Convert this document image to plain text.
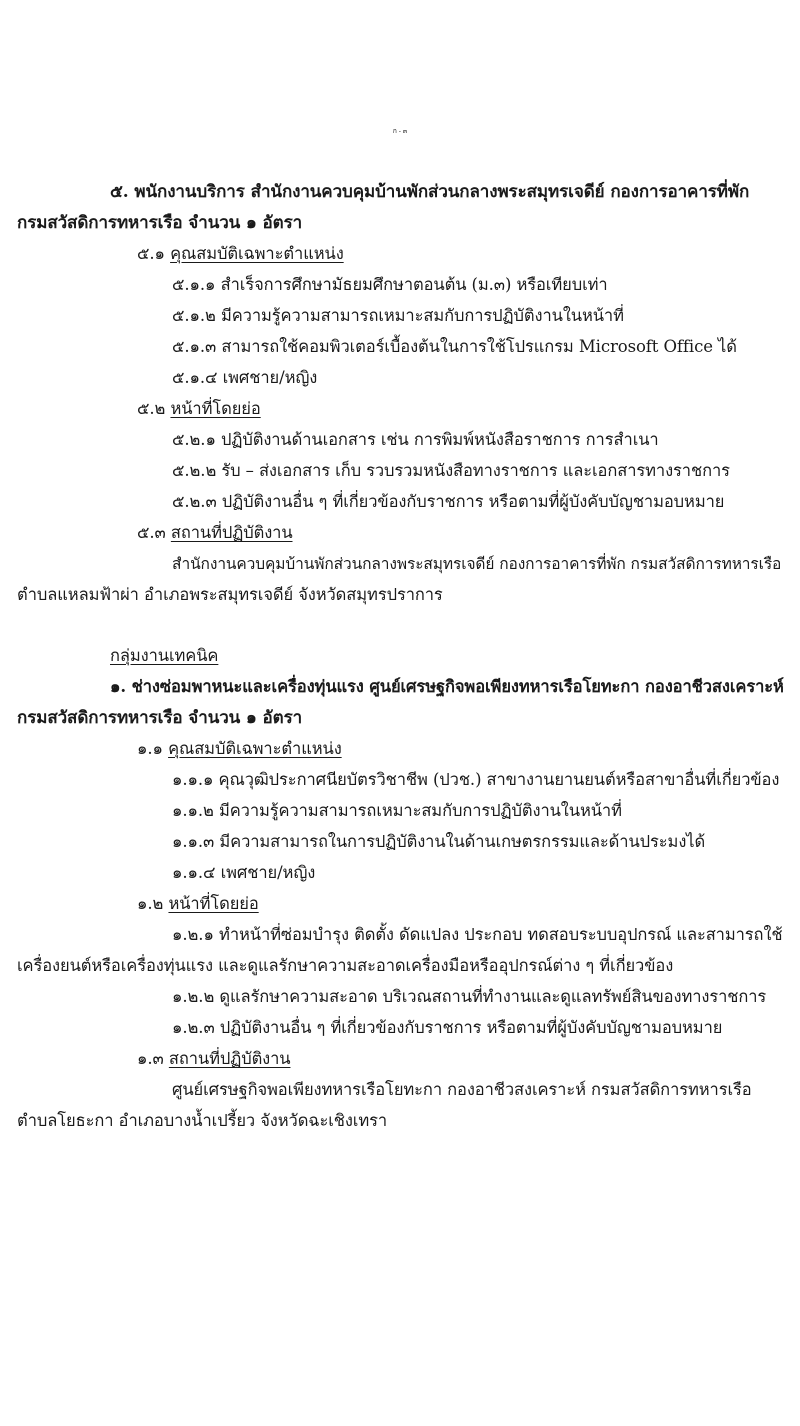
ก - ๓
๕. พนักงานบริการ สำนักงานควบคุมบ้านพักส่วนกลางพระสมุทรเจดีย์ กองการอาคารที่พัก
กรมสวัสดิการทหารเรือ จำนวน ๑ อัตรา
๕.๑ คุณสมบัติเฉพาะตำแหน่ง
๕.๑.๑ สำเร็จการศึกษามัธยมศึกษาตอนต้น (ม.๓) หรือเทียบเท่า
๕.๑.๒ มีความรู้ความสามารถเหมาะสมกับการปฏิบัติงานในหน้าที่
๕.๑.๓ สามารถใช้คอมพิวเตอร์เบื้องต้นในการใช้โปรแกรม Microsoft Office ได้
๕.๑.๔ เพศชาย/หญิง
๕.๒ หน้าที่โดยย่อ
๕.๒.๑ ปฏิบัติงานด้านเอกสาร เช่น การพิมพ์หนังสือราชการ การสำเนา
๕.๒.๒ รับ – ส่งเอกสาร เก็บ รวบรวมหนังสือทางราชการ และเอกสารทางราชการ
๕.๒.๓ ปฏิบัติงานอื่น ๆ ที่เกี่ยวข้องกับราชการ หรือตามที่ผู้บังคับบัญชามอบหมาย
๕.๓ สถานที่ปฏิบัติงาน
สำนักงานควบคุมบ้านพักส่วนกลางพระสมุทรเจดีย์ กองการอาคารที่พัก กรมสวัสดิการทหารเรือ
ตำบลแหลมฟ้าผ่า อำเภอพระสมุทรเจดีย์ จังหวัดสมุทรปราการ
กลุ่มงานเทคนิค
๑. ช่างซ่อมพาหนะและเครื่องทุ่นแรง ศูนย์เศรษฐกิจพอเพียงทหารเรือโยทะกา กองอาชีวสงเคราะห์
กรมสวัสดิการทหารเรือ จำนวน ๑ อัตรา
๑.๑ คุณสมบัติเฉพาะตำแหน่ง
๑.๑.๑ คุณวุฒิประกาศนียบัตรวิชาชีพ (ปวช.) สาขางานยานยนต์หรือสาขาอื่นที่เกี่ยวข้อง
๑.๑.๒ มีความรู้ความสามารถเหมาะสมกับการปฏิบัติงานในหน้าที่
๑.๑.๓ มีความสามารถในการปฏิบัติงานในด้านเกษตรกรรมและด้านประมงได้
๑.๑.๔ เพศชาย/หญิง
๑.๒ หน้าที่โดยย่อ
๑.๒.๑ ทำหน้าที่ซ่อมบำรุง ติดตั้ง ดัดแปลง ประกอบ ทดสอบระบบอุปกรณ์ และสามารถใช้
เครื่องยนต์หรือเครื่องทุ่นแรง และดูแลรักษาความสะอาดเครื่องมือหรืออุปกรณ์ต่าง ๆ ที่เกี่ยวข้อง
๑.๒.๒ ดูแลรักษาความสะอาด บริเวณสถานที่ทำงานและดูแลทรัพย์สินของทางราชการ
๑.๒.๓ ปฏิบัติงานอื่น ๆ ที่เกี่ยวข้องกับราชการ หรือตามที่ผู้บังคับบัญชามอบหมาย
๑.๓ สถานที่ปฏิบัติงาน
ศูนย์เศรษฐกิจพอเพียงทหารเรือโยทะกา กองอาชีวสงเคราะห์ กรมสวัสดิการทหารเรือ
ตำบลโยธะกา อำเภอบางน้ำเปรี้ยว จังหวัดฉะเชิงเทรา
